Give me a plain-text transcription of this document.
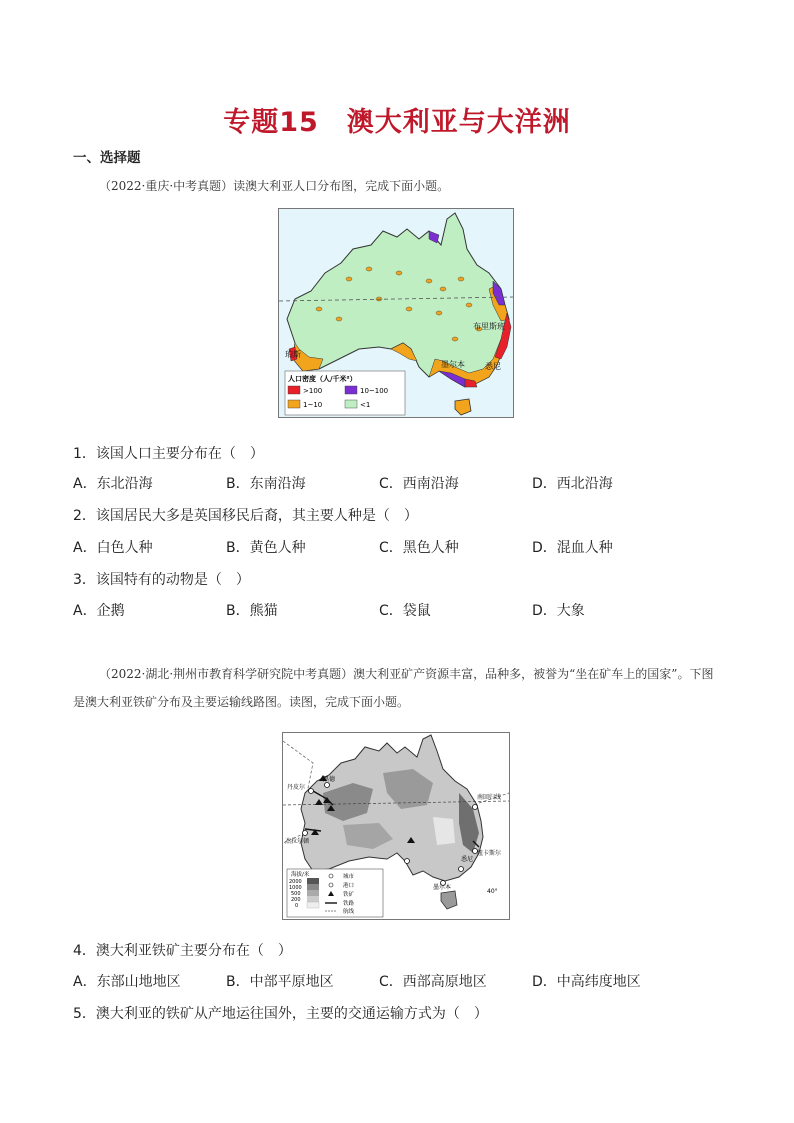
专题15　澳大利亚与大洋洲
一、选择题
（2022·重庆·中考真题）读澳大利亚人口分布图，完成下面小题。
布里斯班
珀斯
悉尼
墨尔本
人口密度（人/千米²）
>100	10~100
1~10	<1
1．该国人口主要分布在（　）
A．东北沿海	B．东南沿海	C．西南沿海	D．西北沿海
2．该国居民大多是英国移民后裔，其主要人种是（　）
A．白色人种	B．黄色人种	C．黑色人种	D．混血人种
3．该国特有的动物是（　）
A．企鹅	B．熊猫	C．袋鼠	D．大象
（2022·湖北·荆州市教育科学研究院中考真题）澳大利亚矿产资源丰富，品种多，被誉为“坐在矿车上的国家”。下图是澳大利亚铁矿分布及主要运输线路图。读图，完成下面小题。
丹皮尔
黑德
杰拉尔顿
纽卡斯尔
悉尼
墨尔本
南回归线
40°
海拔/米
2000
1000
500
200
0
城市
港口
铁矿
铁路
航线
4．澳大利亚铁矿主要分布在（　）
A．东部山地地区	B．中部平原地区	C．西部高原地区	D．中高纬度地区
5．澳大利亚的铁矿从产地运往国外，主要的交通运输方式为（　）
